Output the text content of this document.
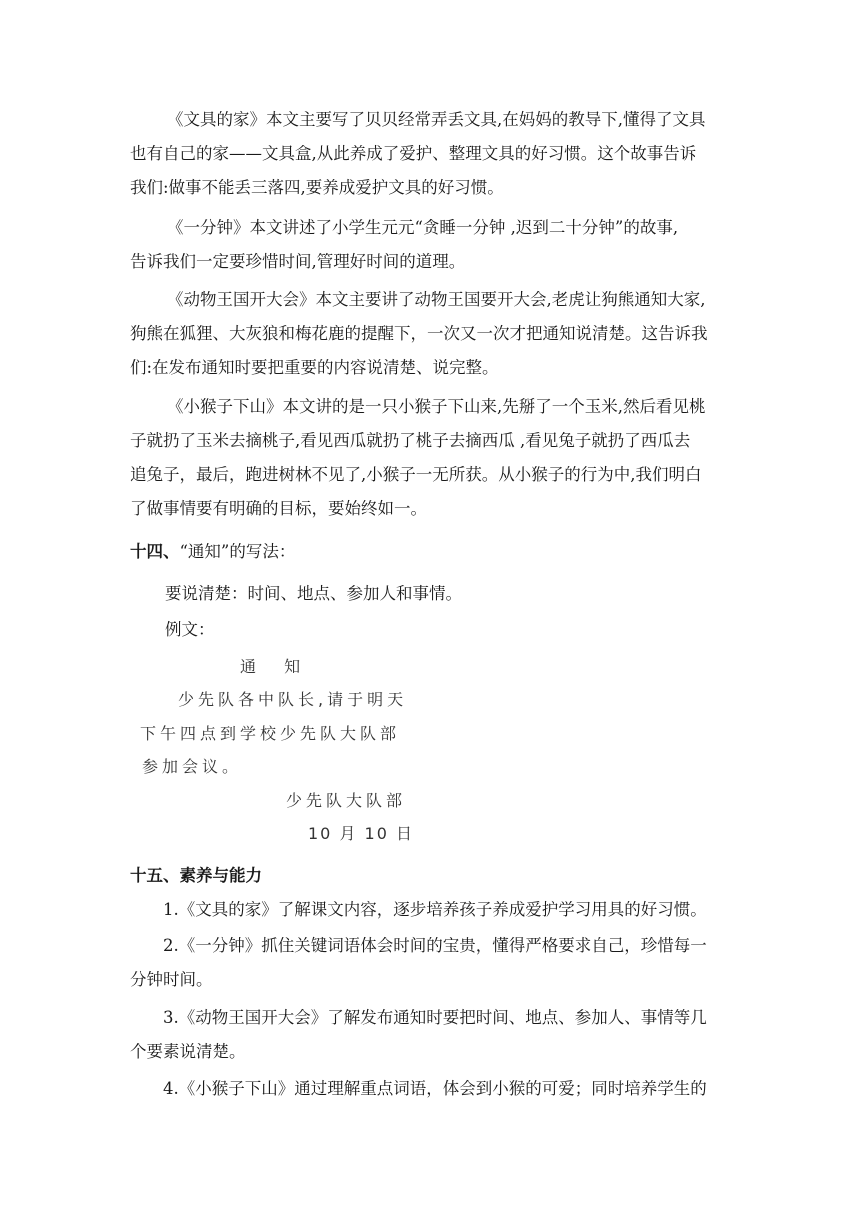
《文具的家》本文主要写了贝贝经常弄丢文具,在妈妈的教导下,懂得了文具
也有自己的家——文具盒,从此养成了爱护、整理文具的好习惯。这个故事告诉
我们:做事不能丢三落四,要养成爱护文具的好习惯。
《一分钟》本文讲述了小学生元元“贪睡一分钟 ,迟到二十分钟”的故事,
告诉我们一定要珍惜时间,管理好时间的道理。
《动物王国开大会》本文主要讲了动物王国要开大会,老虎让狗熊通知大家,
狗熊在狐狸、大灰狼和梅花鹿的提醒下，一次又一次才把通知说清楚。这告诉我
们:在发布通知时要把重要的内容说清楚、说完整。
《小猴子下山》本文讲的是一只小猴子下山来,先掰了一个玉米,然后看见桃
子就扔了玉米去摘桃子,看见西瓜就扔了桃子去摘西瓜 ,看见兔子就扔了西瓜去
追兔子，最后，跑进树林不见了,小猴子一无所获。从小猴子的行为中,我们明白
了做事情要有明确的目标，要始终如一。
十四、“通知”的写法：
要说清楚：时间、地点、参加人和事情。
例文：
通  知
少先队各中队长,请于明天
下午四点到学校少先队大队部
参加会议。
少先队大队部
10 月 10 日
十五、素养与能力
1.《文具的家》了解课文内容，逐步培养孩子养成爱护学习用具的好习惯。
2.《一分钟》抓住关键词语体会时间的宝贵，懂得严格要求自己，珍惜每一
分钟时间。
3.《动物王国开大会》了解发布通知时要把时间、地点、参加人、事情等几
个要素说清楚。
4.《小猴子下山》通过理解重点词语，体会到小猴的可爱；同时培养学生的
